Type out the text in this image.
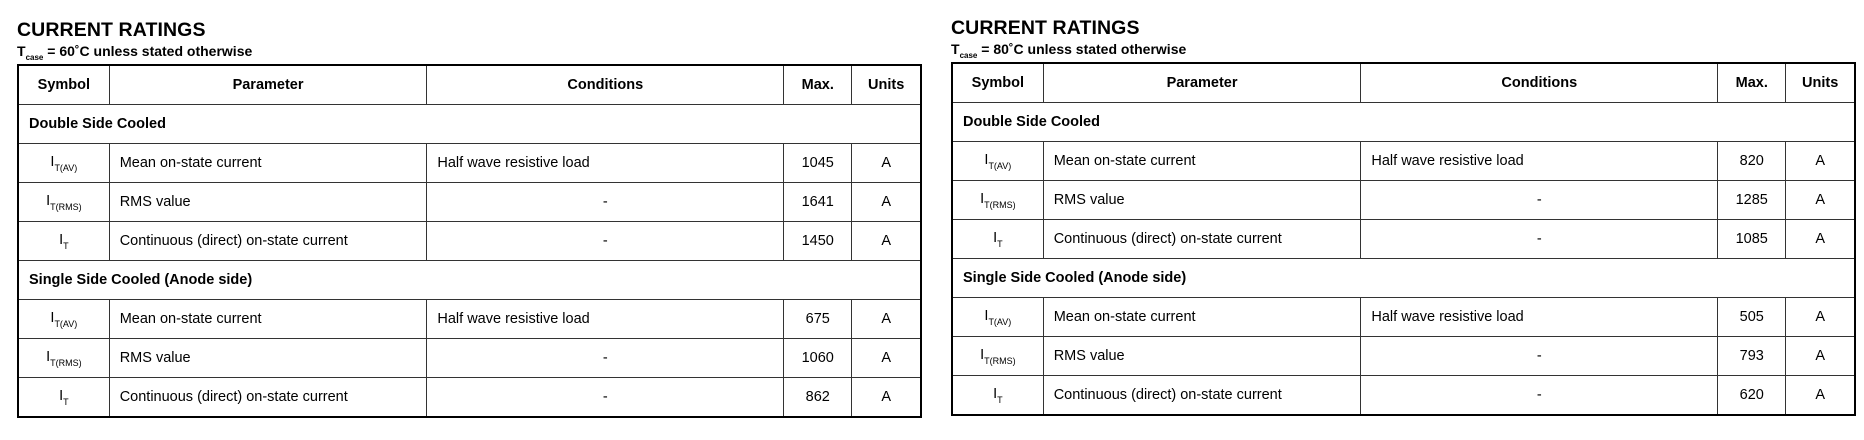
CURRENT RATINGS
$T_{case}$ = 60˚C unless stated otherwise
Symbol	Parameter	Conditions	Max.	Units
Double Side Cooled				
$I_{T(AV)}$	Mean on-state current	Half wave resistive load	1045	A
$I_{T(RMS)}$	RMS value	-	1641	A
$I_T$	Continuous (direct) on-state current	-	1450	A
Single Side Cooled (Anode side)				
$I_{T(AV)}$	Mean on-state current	Half wave resistive load	675	A
$I_{T(RMS)}$	RMS value	-	1060	A
$I_T$	Continuous (direct) on-state current	-	862	A
CURRENT RATINGS
$T_{case}$ = 80˚C unless stated otherwise
Symbol	Parameter	Conditions	Max.	Units
Double Side Cooled				
$I_{T(AV)}$	Mean on-state current	Half wave resistive load	820	A
$I_{T(RMS)}$	RMS value	-	1285	A
$I_T$	Continuous (direct) on-state current	-	1085	A
Single Side Cooled (Anode side)				
$I_{T(AV)}$	Mean on-state current	Half wave resistive load	505	A
$I_{T(RMS)}$	RMS value	-	793	A
$I_T$	Continuous (direct) on-state current	-	620	A
